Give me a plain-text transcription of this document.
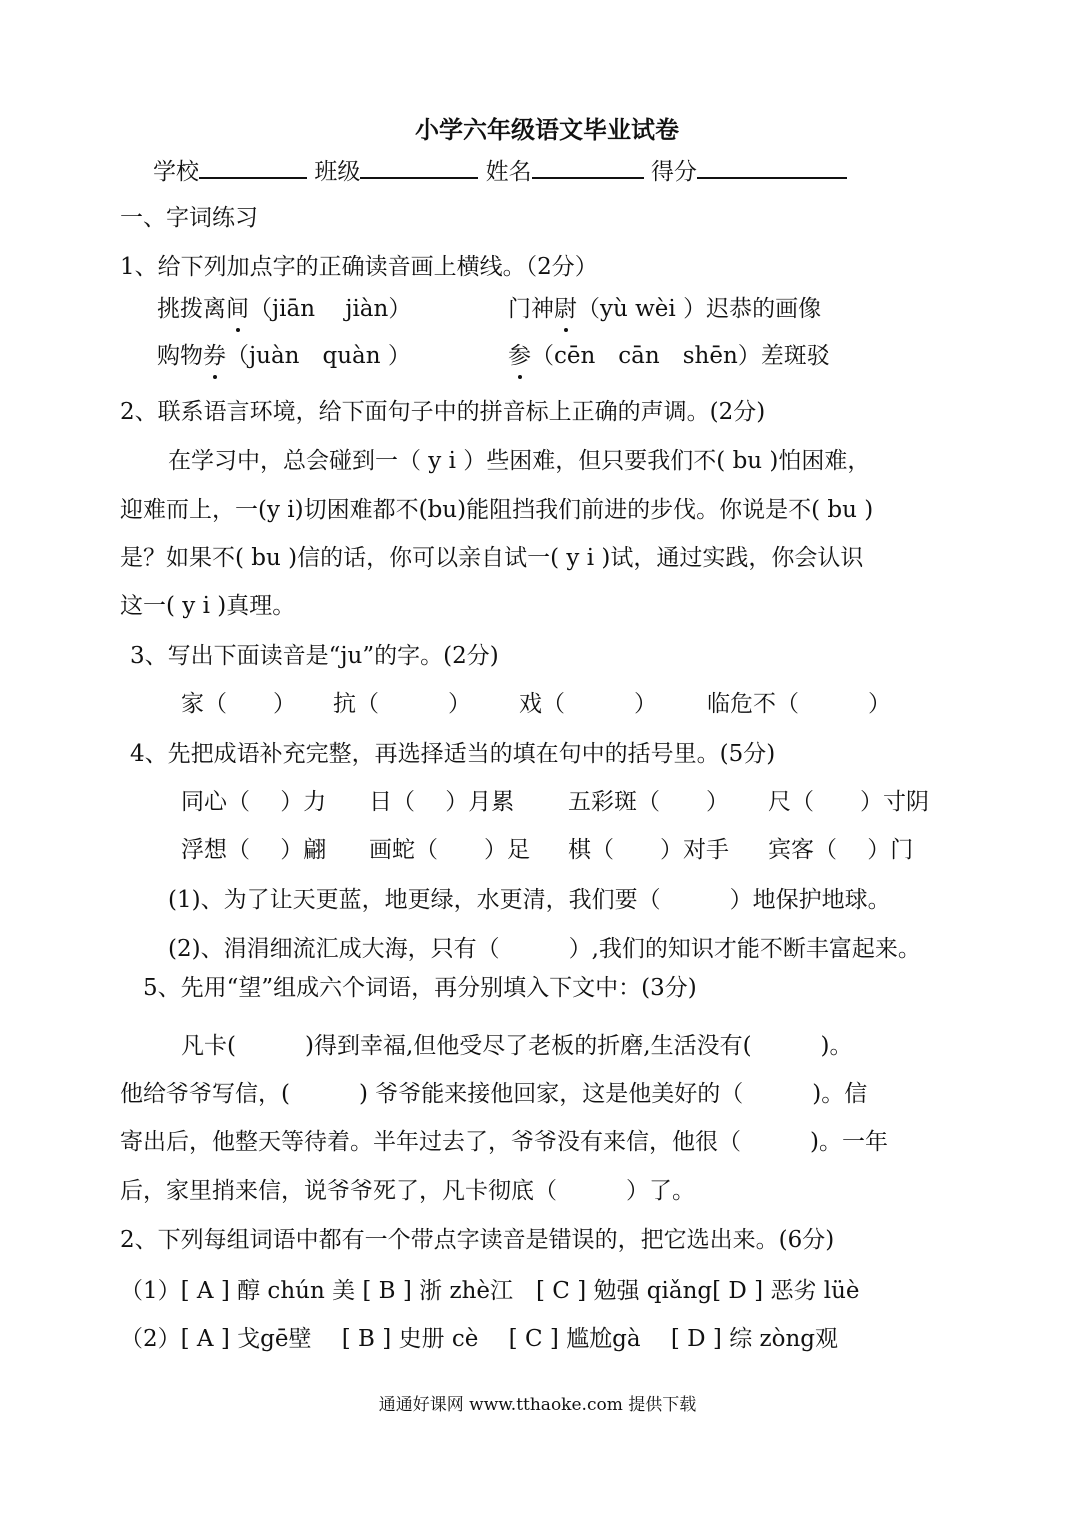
小学六年级语文毕业试卷
学校	班级	姓名	得分
一、字词练习
1、给下列加点字的正确读音画上横线。（2分）
挑拨离间（jiān　 jiàn）	门神尉（yù wèi ）迟恭的画像
购物券（juàn　quàn ）	参（cēn　cān　shēn）差斑驳
2、联系语言环境，给下面句子中的拼音标上正确的声调。(2分)
在学习中，总会碰到一（ y i ）些困难，但只要我们不( bu )怕困难，
迎难而上，一(y i)切困难都不(bu)能阻挡我们前进的步伐。你说是不( bu )
是？如果不( bu )信的话，你可以亲自试一( y i )试，通过实践，你会认识
这一( y i )真理。
3、写出下面读音是“ju”的字。(2分)
家（　　） 抗（　　　） 戏（　　　） 临危不（　　　）
4、先把成语补充完整，再选择适当的填在句中的括号里。(5分)
同心（　 ）力 日（　 ）月累 五彩斑（　　） 尺（　　）寸阴
浮想（　 ）翩 画蛇（　　）足 棋（　　）对手 宾客（　 ）门
(1)、为了让天更蓝，地更绿，水更清，我们要（　　　）地保护地球。
(2)、涓涓细流汇成大海，只有（　　　）,我们的知识才能不断丰富起来。
5、先用“望”组成六个词语，再分别填入下文中：(3分)
凡卡(　　　)得到幸福,但他受尽了老板的折磨,生活没有(　　　)。
他给爷爷写信，(　　　) 爷爷能来接他回家，这是他美好的（　　　)。信
寄出后，他整天等待着。半年过去了，爷爷没有来信，他很（　　　)。一年
后，家里捎来信，说爷爷死了，凡卡彻底（　　　）了。
2、下列每组词语中都有一个带点字读音是错误的，把它选出来。(6分)
（1）[ A ] 醇 chún 美 [ B ] 浙 zhè江　[ C ] 勉强 qiǎng[ D ] 恶劣 lüè
（2）[ A ] 戈gē壁　 [ B ] 史册 cè　 [ C ] 尴尬gà　 [ D ] 综 zòng观
通通好课网 www.tthaoke.com 提供下载
